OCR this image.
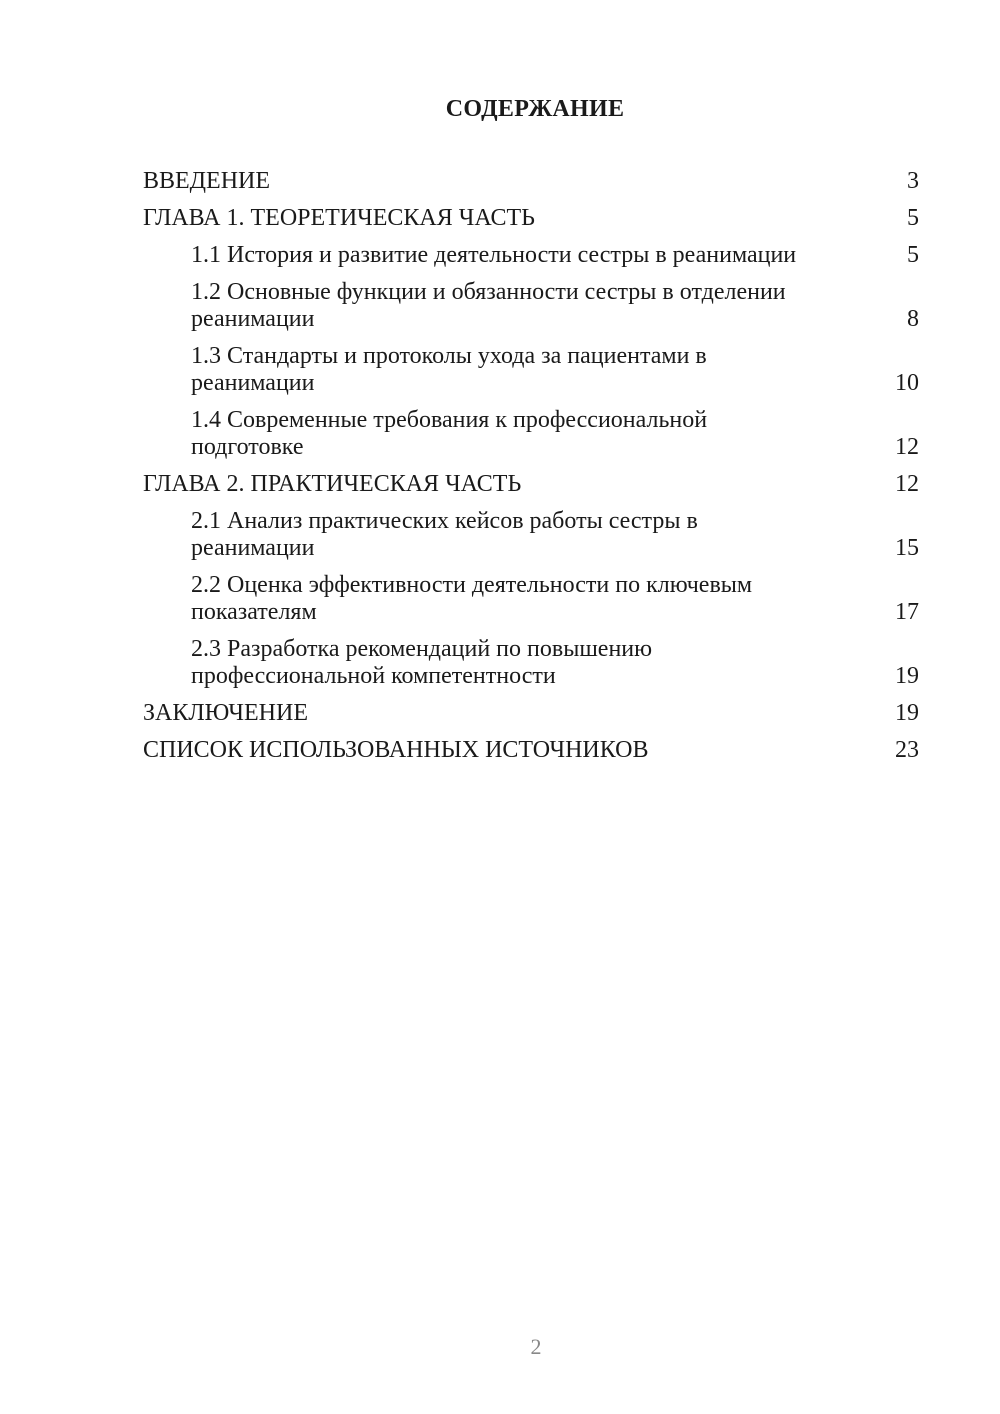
СОДЕРЖАНИЕ
ВВЕДЕНИЕ	3
ГЛАВА 1. ТЕОРЕТИЧЕСКАЯ ЧАСТЬ	5
1.1 История и развитие деятельности сестры в реанимации	5
1.2 Основные функции и обязанности сестры в отделении реанимации	8
1.3 Стандарты и протоколы ухода за пациентами в реанимации	10
1.4 Современные требования к профессиональной подготовке	12
ГЛАВА 2. ПРАКТИЧЕСКАЯ ЧАСТЬ	12
2.1 Анализ практических кейсов работы сестры в реанимации	15
2.2 Оценка эффективности деятельности по ключевым показателям	17
2.3 Разработка рекомендаций по повышению профессиональной компетентности	19
ЗАКЛЮЧЕНИЕ	19
СПИСОК ИСПОЛЬЗОВАННЫХ ИСТОЧНИКОВ	23
2
